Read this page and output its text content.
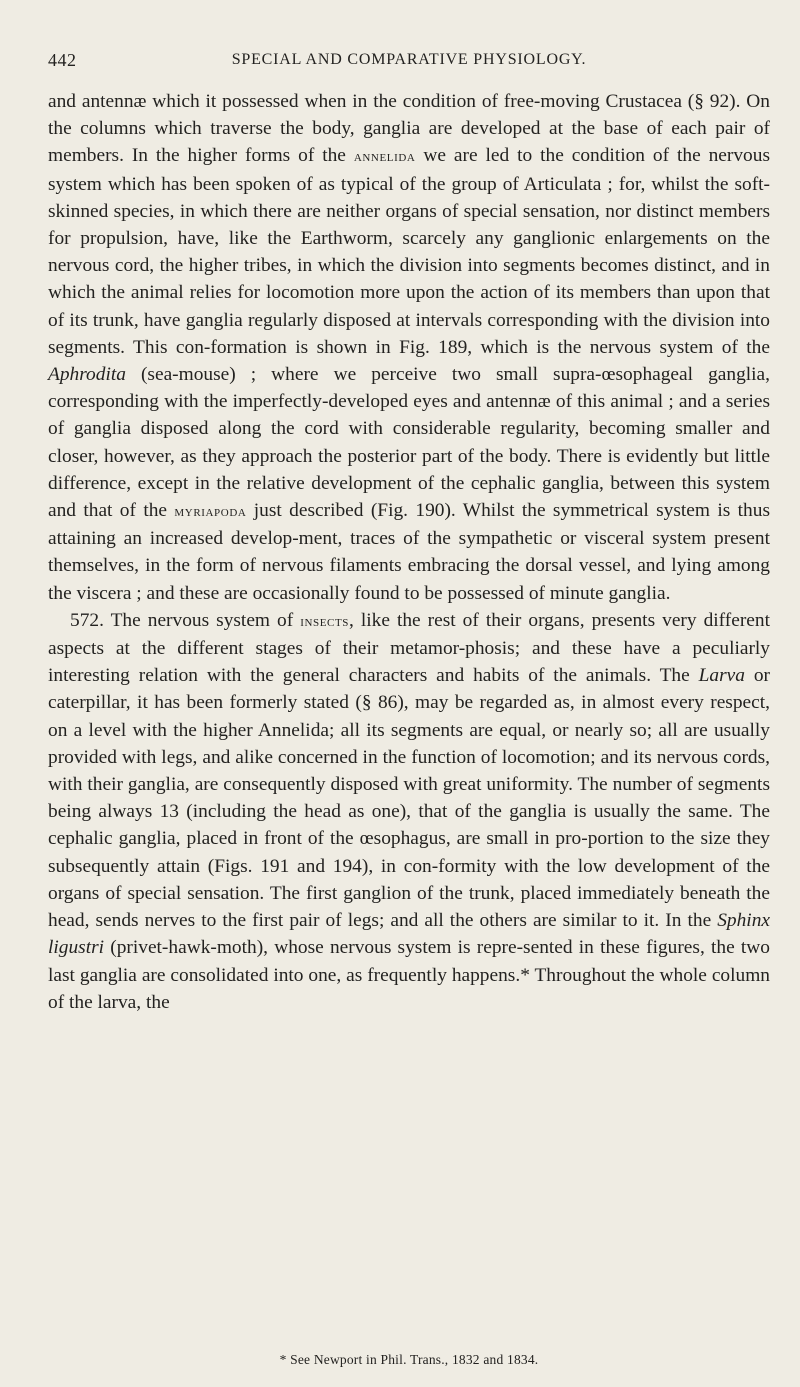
442	SPECIAL AND COMPARATIVE PHYSIOLOGY.

and antennæ which it possessed when in the condition of free-moving Crustacea (§ 92). On the columns which traverse the body, ganglia are developed at the base of each pair of members. In the higher forms of the annelida we are led to the condition of the nervous system which has been spoken of as typical of the group of Articulata ; for, whilst the soft-skinned species, in which there are neither organs of special sensation, nor distinct members for propulsion, have, like the Earthworm, scarcely any ganglionic enlargements on the nervous cord, the higher tribes, in which the division into segments becomes distinct, and in which the animal relies for locomotion more upon the action of its members than upon that of its trunk, have ganglia regularly disposed at intervals corresponding with the division into segments. This con-formation is shown in Fig. 189, which is the nervous system of the Aphrodita (sea-mouse) ; where we perceive two small supra-œsophageal ganglia, corresponding with the imperfectly-developed eyes and antennæ of this animal ; and a series of ganglia disposed along the cord with considerable regularity, becoming smaller and closer, however, as they approach the posterior part of the body. There is evidently but little difference, except in the relative development of the cephalic ganglia, between this system and that of the myriapoda just described (Fig. 190). Whilst the symmetrical system is thus attaining an increased develop-ment, traces of the sympathetic or visceral system present themselves, in the form of nervous filaments embracing the dorsal vessel, and lying among the viscera ; and these are occasionally found to be possessed of minute ganglia.

572. The nervous system of insects, like the rest of their organs, presents very different aspects at the different stages of their metamor-phosis; and these have a peculiarly interesting relation with the general characters and habits of the animals. The Larva or caterpillar, it has been formerly stated (§ 86), may be regarded as, in almost every respect, on a level with the higher Annelida; all its segments are equal, or nearly so; all are usually provided with legs, and alike concerned in the function of locomotion; and its nervous cords, with their ganglia, are consequently disposed with great uniformity. The number of segments being always 13 (including the head as one), that of the ganglia is usually the same. The cephalic ganglia, placed in front of the œsophagus, are small in pro-portion to the size they subsequently attain (Figs. 191 and 194), in con-formity with the low development of the organs of special sensation. The first ganglion of the trunk, placed immediately beneath the head, sends nerves to the first pair of legs; and all the others are similar to it. In the Sphinx ligustri (privet-hawk-moth), whose nervous system is repre-sented in these figures, the two last ganglia are consolidated into one, as frequently happens.* Throughout the whole column of the larva, the

* See Newport in Phil. Trans., 1832 and 1834.
